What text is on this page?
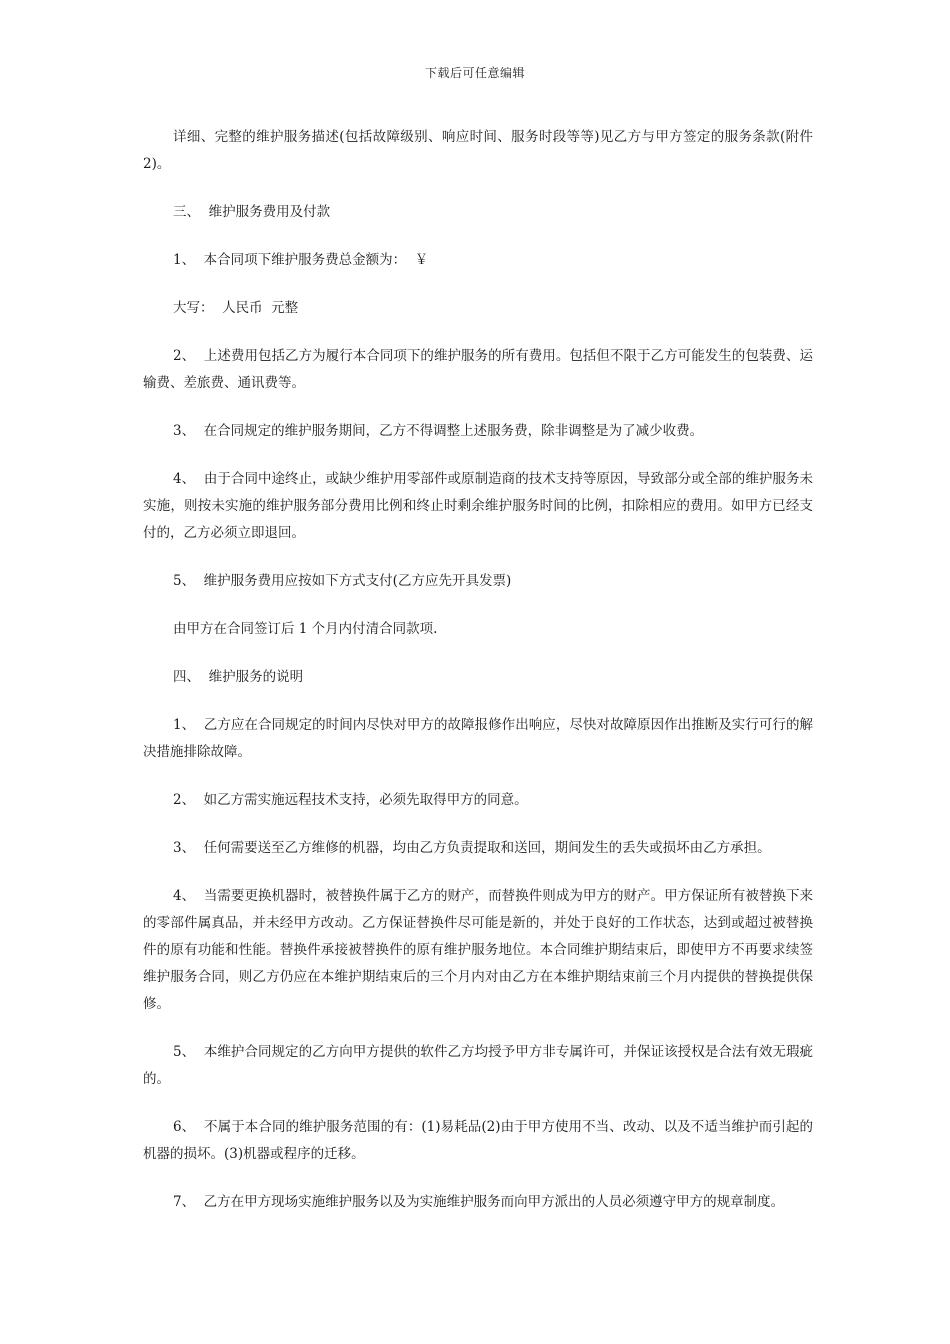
下载后可任意编辑

详细、完整的维护服务描述(包括故障级别、响应时间、服务时段等等)见乙方与甲方签定的服务条款(附件 2)。

三、  维护服务费用及付款

1、  本合同项下维护服务费总金额为：  ￥

大写：  人民币  元整

2、  上述费用包括乙方为履行本合同项下的维护服务的所有费用。包括但不限于乙方可能发生的包装费、运输费、差旅费、通讯费等。

3、  在合同规定的维护服务期间，乙方不得调整上述服务费，除非调整是为了减少收费。

4、  由于合同中途终止，或缺少维护用零部件或原制造商的技术支持等原因，导致部分或全部的维护服务未实施，则按未实施的维护服务部分费用比例和终止时剩余维护服务时间的比例，扣除相应的费用。如甲方已经支付的，乙方必须立即退回。

5、  维护服务费用应按如下方式支付(乙方应先开具发票)

由甲方在合同签订后 1 个月内付清合同款项.

四、  维护服务的说明

1、  乙方应在合同规定的时间内尽快对甲方的故障报修作出响应，尽快对故障原因作出推断及实行可行的解决措施排除故障。

2、  如乙方需实施远程技术支持，必须先取得甲方的同意。

3、  任何需要送至乙方维修的机器，均由乙方负责提取和送回，期间发生的丢失或损坏由乙方承担。

4、  当需要更换机器时，被替换件属于乙方的财产，而替换件则成为甲方的财产。甲方保证所有被替换下来的零部件属真品，并未经甲方改动。乙方保证替换件尽可能是新的，并处于良好的工作状态，达到或超过被替换件的原有功能和性能。替换件承接被替换件的原有维护服务地位。本合同维护期结束后，即使甲方不再要求续签维护服务合同，则乙方仍应在本维护期结束后的三个月内对由乙方在本维护期结束前三个月内提供的替换提供保修。

5、  本维护合同规定的乙方向甲方提供的软件乙方均授予甲方非专属许可，并保证该授权是合法有效无瑕疵的。

6、  不属于本合同的维护服务范围的有：(1)易耗品(2)由于甲方使用不当、改动、以及不适当维护而引起的机器的损坏。(3)机器或程序的迁移。

7、  乙方在甲方现场实施维护服务以及为实施维护服务而向甲方派出的人员必须遵守甲方的规章制度。
